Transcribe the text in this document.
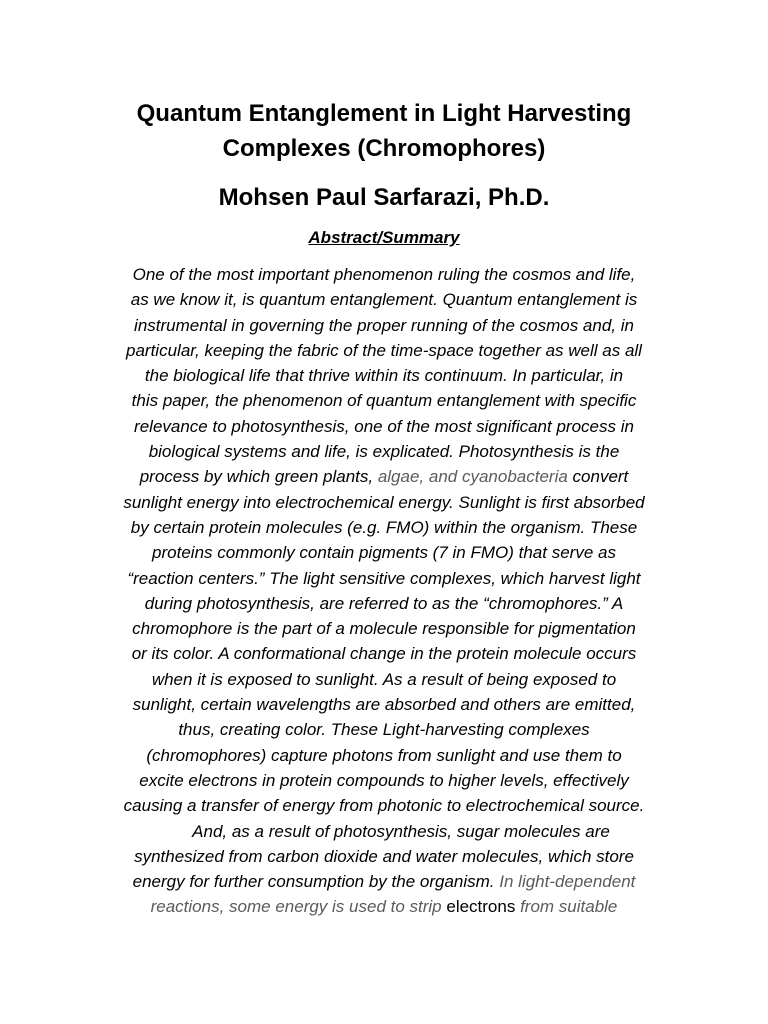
Quantum Entanglement in Light Harvesting
Complexes (Chromophores)
Mohsen Paul Sarfarazi, Ph.D.
Abstract/Summary
One of the most important phenomenon ruling the cosmos and life,
as we know it, is quantum entanglement. Quantum entanglement is
instrumental in governing the proper running of the cosmos and, in
particular, keeping the fabric of the time-space together as well as all
the biological life that thrive within its continuum. In particular, in
this paper, the phenomenon of quantum entanglement with specific
relevance to photosynthesis, one of the most significant process in
biological systems and life, is explicated. Photosynthesis is the
process by which green plants, algae, and cyanobacteria convert
sunlight energy into electrochemical energy. Sunlight is first absorbed
by certain protein molecules (e.g. FMO) within the organism. These
proteins commonly contain pigments (7 in FMO) that serve as
“reaction centers.” The light sensitive complexes, which harvest light
during photosynthesis, are referred to as the “chromophores.” A
chromophore is the part of a molecule responsible for pigmentation
or its color. A conformational change in the protein molecule occurs
when it is exposed to sunlight. As a result of being exposed to
sunlight, certain wavelengths are absorbed and others are emitted,
thus, creating color. These Light-harvesting complexes
(chromophores) capture photons from sunlight and use them to
excite electrons in protein compounds to higher levels, effectively
causing a transfer of energy from photonic to electrochemical source.
And, as a result of photosynthesis, sugar molecules are
synthesized from carbon dioxide and water molecules, which store
energy for further consumption by the organism. In light-dependent
reactions, some energy is used to strip electrons from suitable
